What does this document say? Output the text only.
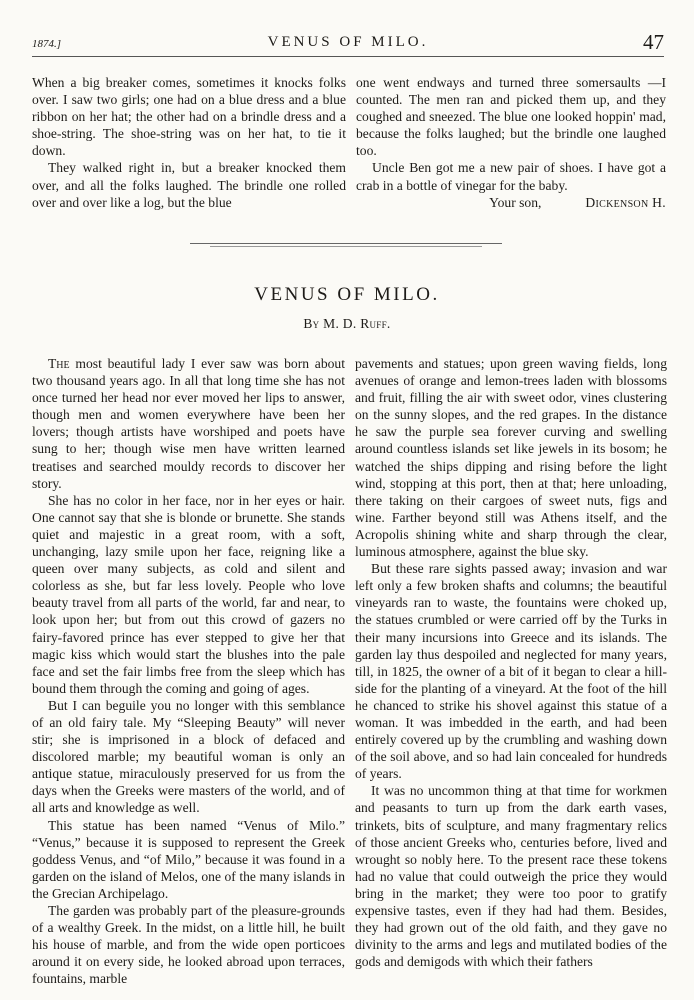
1874.]	VENUS OF MILO.	47

When a big breaker comes, sometimes it knocks folks over. I saw two girls; one had on a blue dress and a blue ribbon on her hat; the other had on a brindle dress and a shoe-string. The shoe-string was on her hat, to tie it down.

They walked right in, but a breaker knocked them over, and all the folks laughed. The brindle one rolled over and over like a log, but the blue

one went endways and turned three somersaults —I counted. The men ran and picked them up, and they coughed and sneezed. The blue one looked hoppin' mad, because the folks laughed; but the brindle one laughed too.

Uncle Ben got me a new pair of shoes. I have got a crab in a bottle of vinegar for the baby.

Your son,	Dickenson H.
VENUS OF MILO.
By M. D. Ruff.

The most beautiful lady I ever saw was born about two thousand years ago. In all that long time she has not once turned her head nor ever moved her lips to answer, though men and women everywhere have been her lovers; though artists have worshiped and poets have sung to her; though wise men have written learned treatises and searched mouldy records to discover her story.

She has no color in her face, nor in her eyes or hair. One cannot say that she is blonde or brunette. She stands quiet and majestic in a great room, with a soft, unchanging, lazy smile upon her face, reigning like a queen over many subjects, as cold and silent and colorless as she, but far less lovely. People who love beauty travel from all parts of the world, far and near, to look upon her; but from out this crowd of gazers no fairy-favored prince has ever stepped to give her that magic kiss which would start the blushes into the pale face and set the fair limbs free from the sleep which has bound them through the coming and going of ages.

But I can beguile you no longer with this semblance of an old fairy tale. My “Sleeping Beauty” will never stir; she is imprisoned in a block of defaced and discolored marble; my beautiful woman is only an antique statue, miraculously preserved for us from the days when the Greeks were masters of the world, and of all arts and knowledge as well.

This statue has been named “Venus of Milo.” “Venus,” because it is supposed to represent the Greek goddess Venus, and “of Milo,” because it was found in a garden on the island of Melos, one of the many islands in the Grecian Archipelago.

The garden was probably part of the pleasure-grounds of a wealthy Greek. In the midst, on a little hill, he built his house of marble, and from the wide open porticoes around it on every side, he looked abroad upon terraces, fountains, marble

pavements and statues; upon green waving fields, long avenues of orange and lemon-trees laden with blossoms and fruit, filling the air with sweet odor, vines clustering on the sunny slopes, and the red grapes. In the distance he saw the purple sea forever curving and swelling around countless islands set like jewels in its bosom; he watched the ships dipping and rising before the light wind, stopping at this port, then at that; here unloading, there taking on their cargoes of sweet nuts, figs and wine. Farther beyond still was Athens itself, and the Acropolis shining white and sharp through the clear, luminous atmosphere, against the blue sky.

But these rare sights passed away; invasion and war left only a few broken shafts and columns; the beautiful vineyards ran to waste, the fountains were choked up, the statues crumbled or were carried off by the Turks in their many incursions into Greece and its islands. The garden lay thus despoiled and neglected for many years, till, in 1825, the owner of a bit of it began to clear a hill-side for the planting of a vineyard. At the foot of the hill he chanced to strike his shovel against this statue of a woman. It was imbedded in the earth, and had been entirely covered up by the crumbling and washing down of the soil above, and so had lain concealed for hundreds of years.

It was no uncommon thing at that time for workmen and peasants to turn up from the dark earth vases, trinkets, bits of sculpture, and many fragmentary relics of those ancient Greeks who, centuries before, lived and wrought so nobly here. To the present race these tokens had no value that could outweigh the price they would bring in the market; they were too poor to gratify expensive tastes, even if they had had them. Besides, they had grown out of the old faith, and they gave no divinity to the arms and legs and mutilated bodies of the gods and demigods with which their fathers
